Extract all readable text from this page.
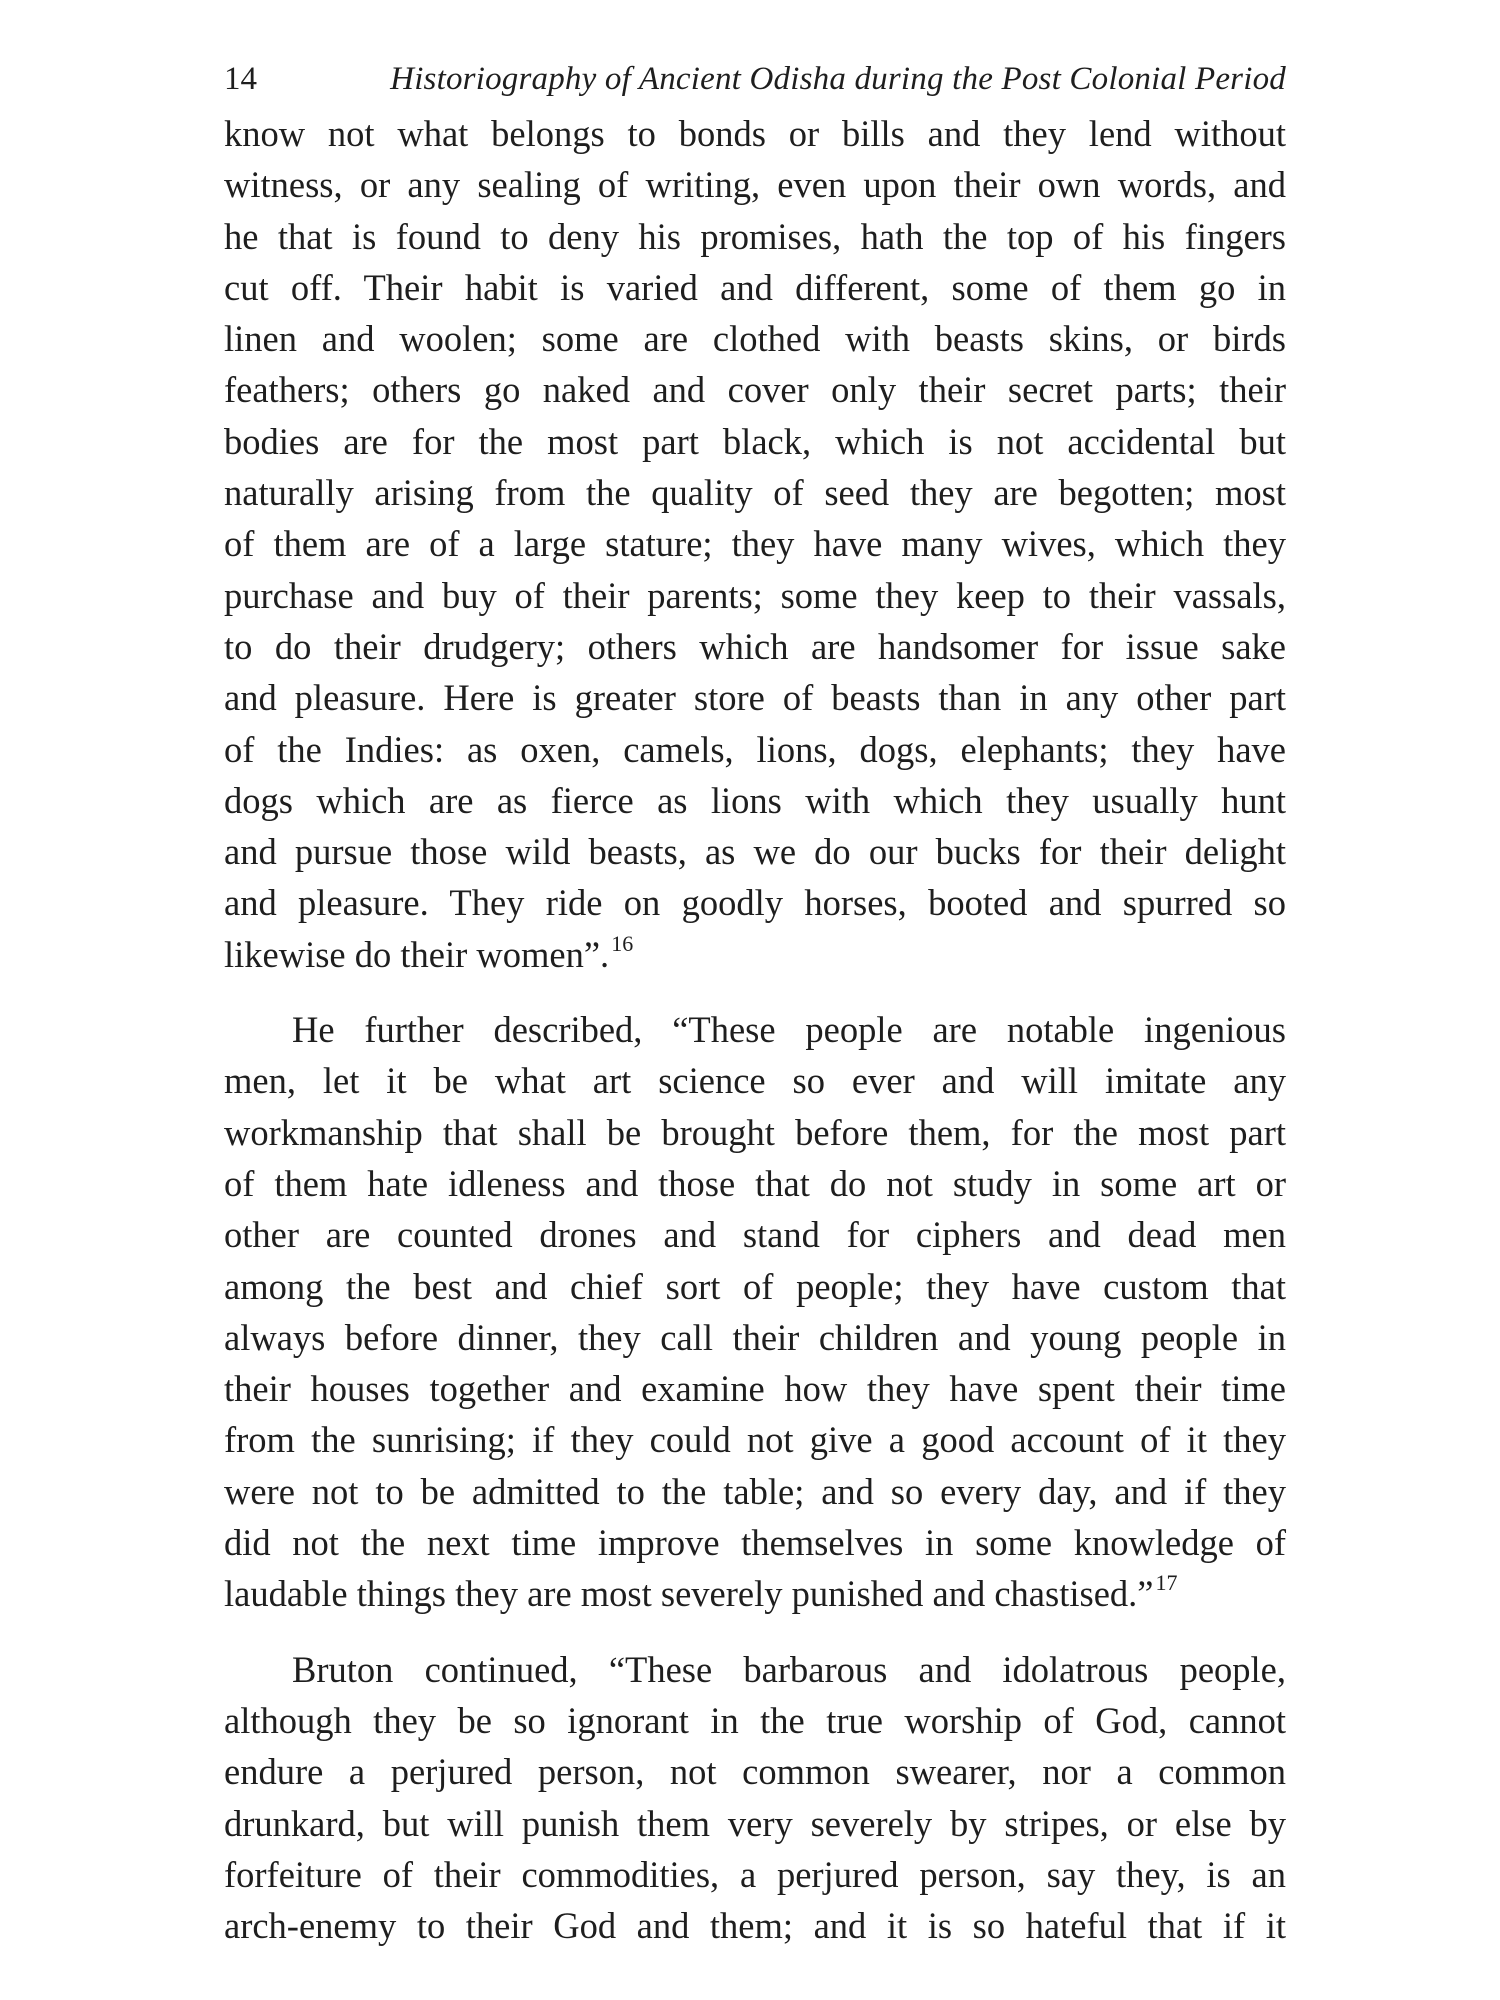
14	Historiography of Ancient Odisha during the Post Colonial Period
know not what belongs to bonds or bills and they lend without
witness, or any sealing of writing, even upon their own words, and
he that is found to deny his promises, hath the top of his fingers
cut off. Their habit is varied and different, some of them go in
linen and woolen; some are clothed with beasts skins, or birds
feathers; others go naked and cover only their secret parts; their
bodies are for the most part black, which is not accidental but
naturally arising from the quality of seed they are begotten; most
of them are of a large stature; they have many wives, which they
purchase and buy of their parents; some they keep to their vassals,
to do their drudgery; others which are handsomer for issue sake
and pleasure. Here is greater store of beasts than in any other part
of the Indies: as oxen, camels, lions, dogs, elephants; they have
dogs which are as fierce as lions with which they usually hunt
and pursue those wild beasts, as we do our bucks for their delight
and pleasure. They ride on goodly horses, booted and spurred so
likewise do their women”.$^{16}$
He further described, “These people are notable ingenious
men, let it be what art science so ever and will imitate any
workmanship that shall be brought before them, for the most part
of them hate idleness and those that do not study in some art or
other are counted drones and stand for ciphers and dead men
among the best and chief sort of people; they have custom that
always before dinner, they call their children and young people in
their houses together and examine how they have spent their time
from the sunrising; if they could not give a good account of it they
were not to be admitted to the table; and so every day, and if they
did not the next time improve themselves in some knowledge of
laudable things they are most severely punished and chastised.”$^{17}$
Bruton continued, “These barbarous and idolatrous people,
although they be so ignorant in the true worship of God, cannot
endure a perjured person, not common swearer, nor a common
drunkard, but will punish them very severely by stripes, or else by
forfeiture of their commodities, a perjured person, say they, is an
arch-enemy to their God and them; and it is so hateful that if it
